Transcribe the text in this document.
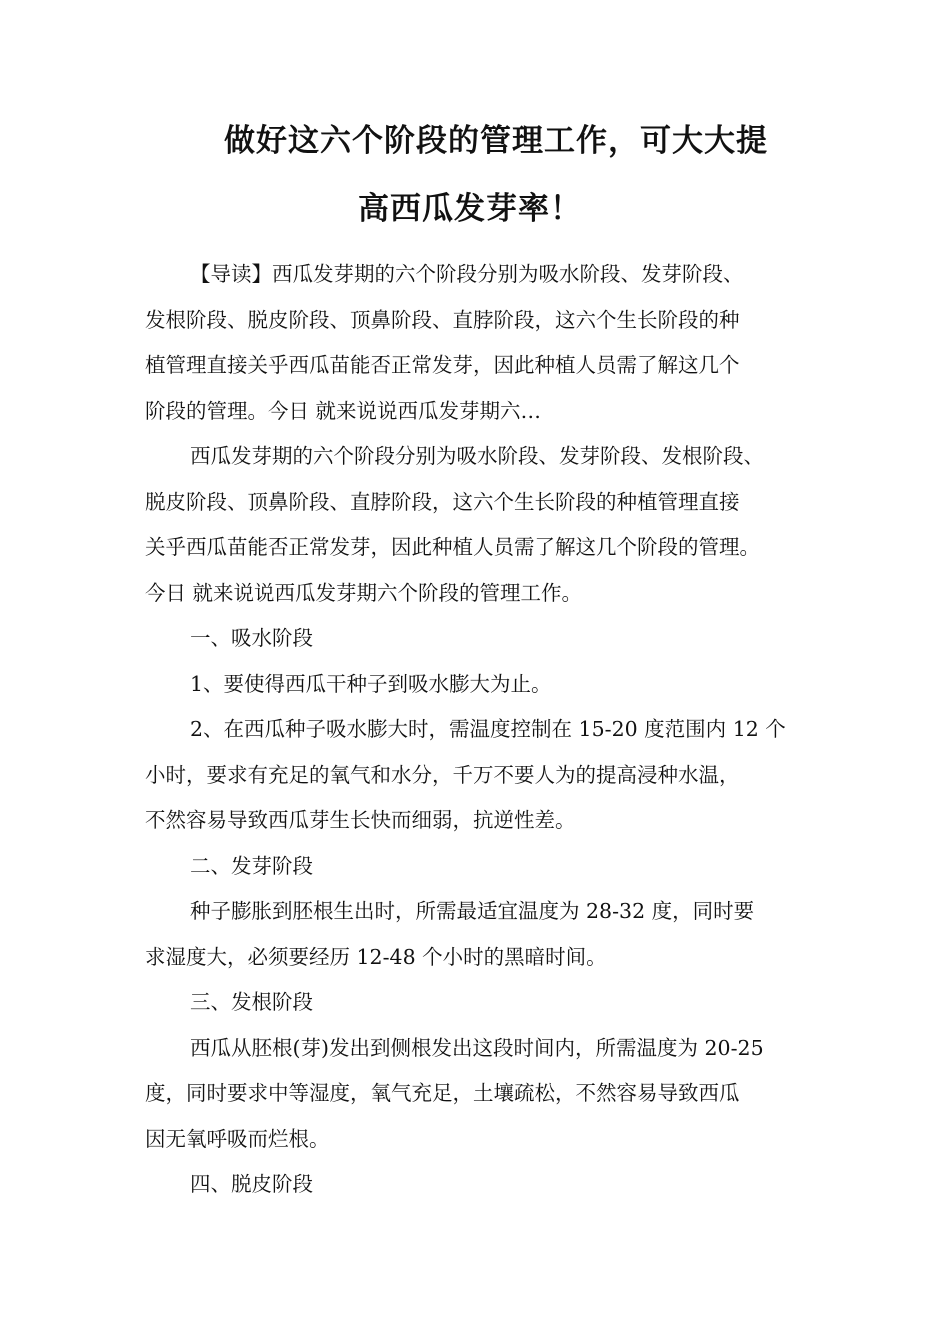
做好这六个阶段的管理工作，可大大提
高西瓜发芽率！

【导读】西瓜发芽期的六个阶段分别为吸水阶段、发芽阶段、
发根阶段、脱皮阶段、顶鼻阶段、直脖阶段，这六个生长阶段的种
植管理直接关乎西瓜苗能否正常发芽，因此种植人员需了解这几个
阶段的管理。今日 就来说说西瓜发芽期六…

西瓜发芽期的六个阶段分别为吸水阶段、发芽阶段、发根阶段、
脱皮阶段、顶鼻阶段、直脖阶段，这六个生长阶段的种植管理直接
关乎西瓜苗能否正常发芽，因此种植人员需了解这几个阶段的管理。
今日 就来说说西瓜发芽期六个阶段的管理工作。

一、吸水阶段

1、要使得西瓜干种子到吸水膨大为止。

2、在西瓜种子吸水膨大时，需温度控制在 15-20 度范围内 12 个
小时，要求有充足的氧气和水分，千万不要人为的提高浸种水温，
不然容易导致西瓜芽生长快而细弱，抗逆性差。

二、发芽阶段

种子膨胀到胚根生出时，所需最适宜温度为 28-32 度，同时要
求湿度大，必须要经历 12-48 个小时的黑暗时间。

三、发根阶段

西瓜从胚根(芽)发出到侧根发出这段时间内，所需温度为 20-25
度，同时要求中等湿度，氧气充足，土壤疏松，不然容易导致西瓜
因无氧呼吸而烂根。

四、脱皮阶段
